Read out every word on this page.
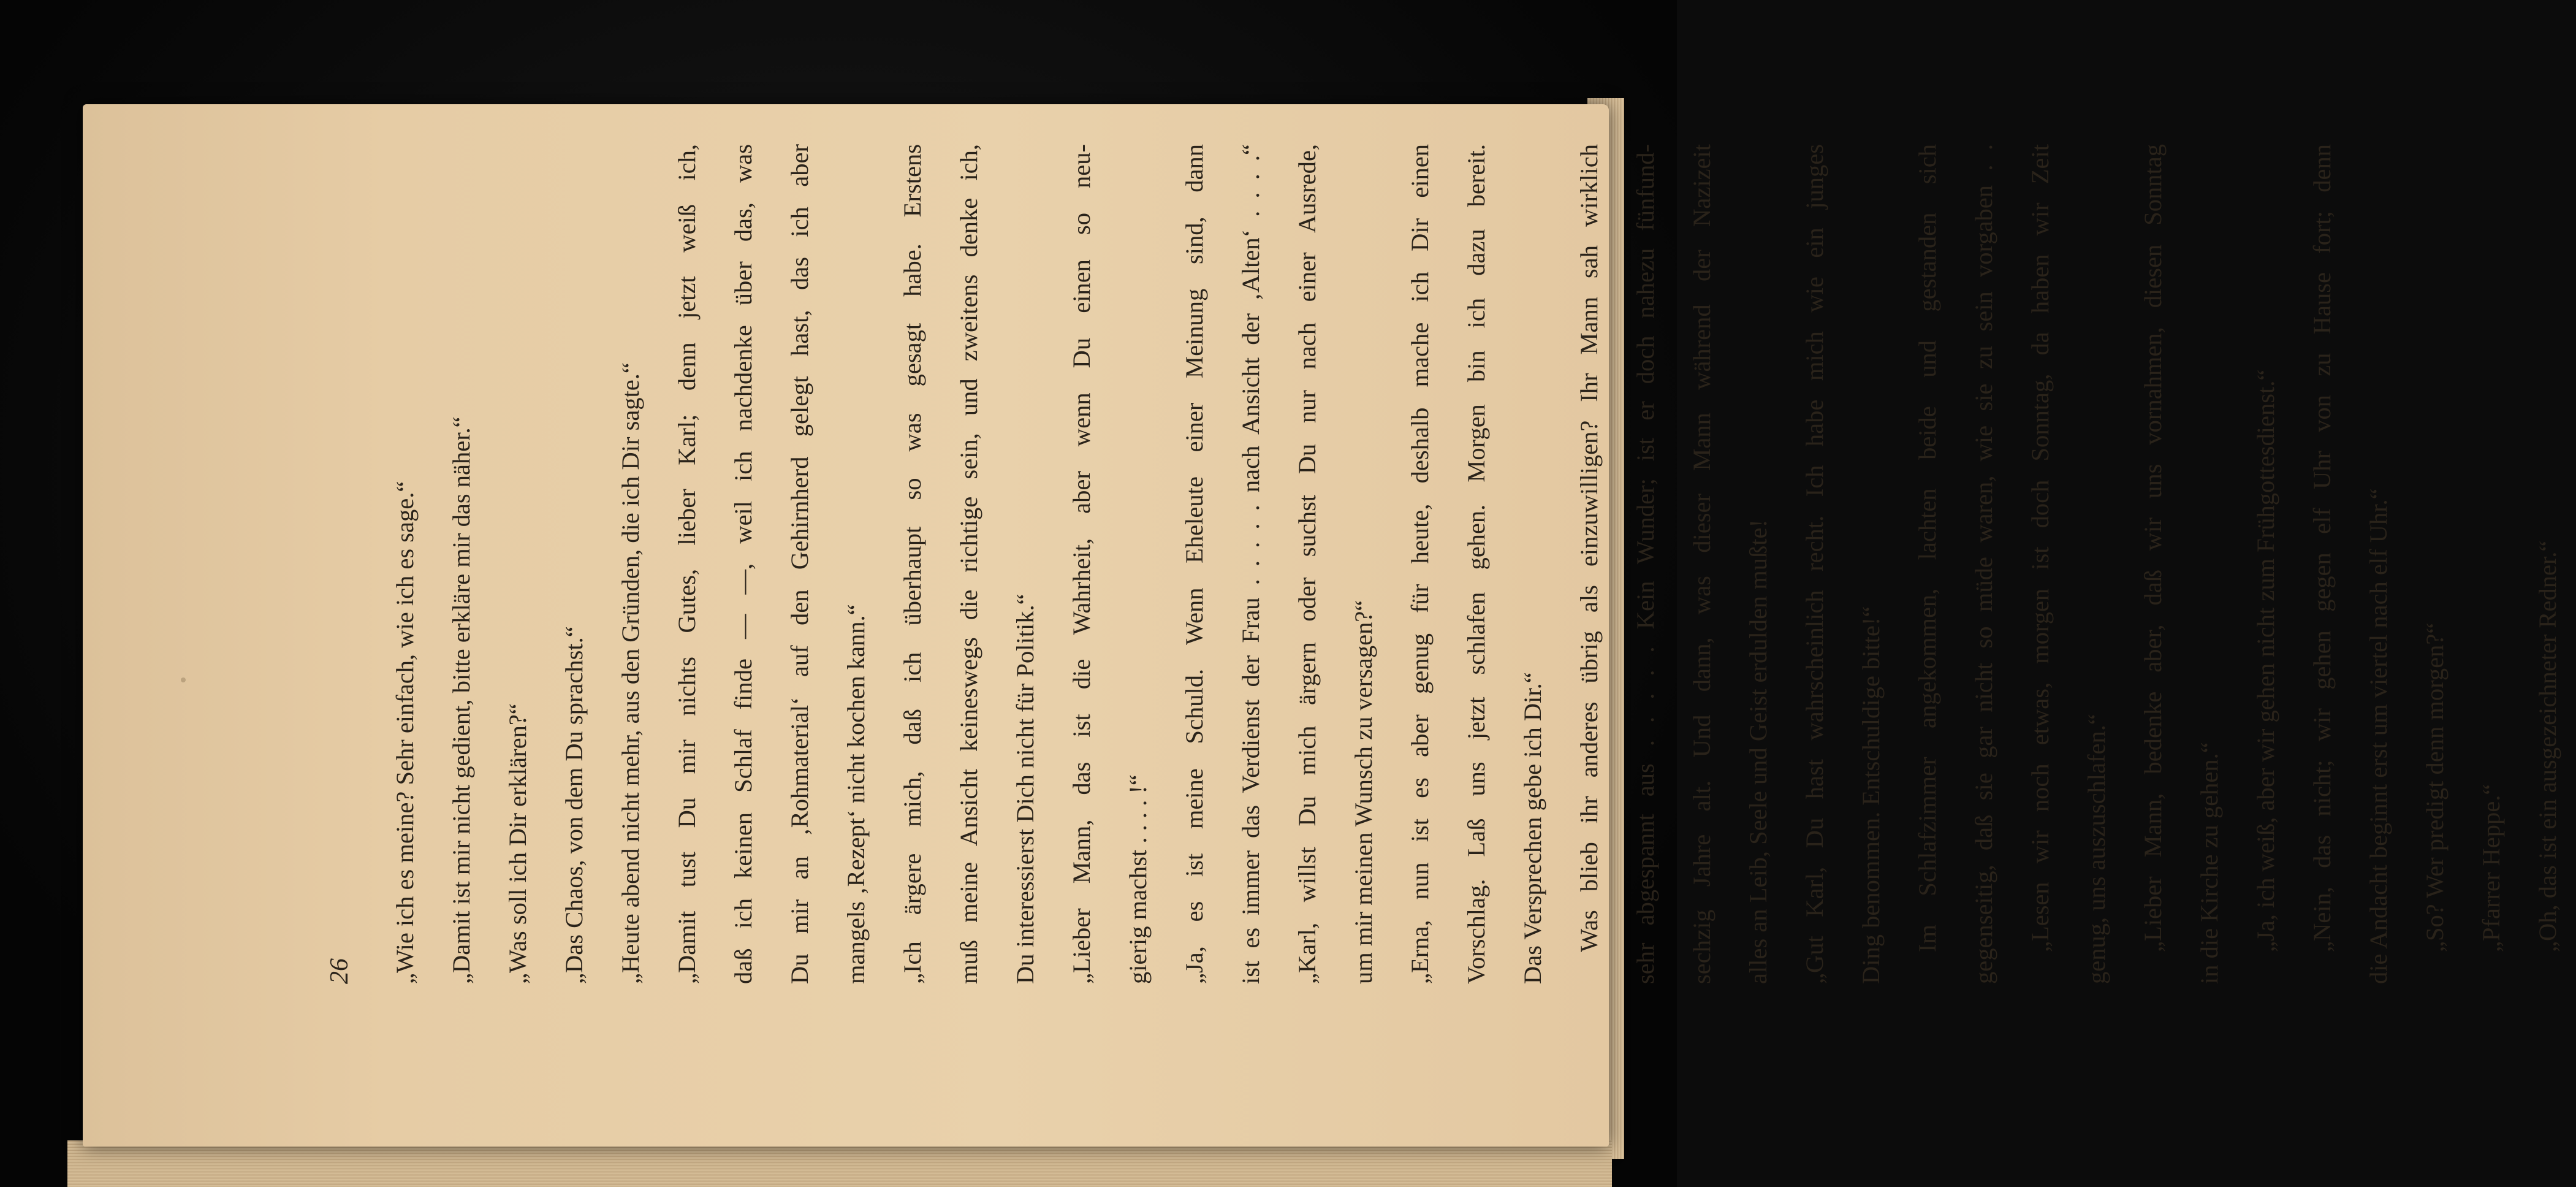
26	„Wie ich es meine? Sehr einfach, wie ich es sage.“	„Damit ist mir nicht gedient, bitte erkläre mir das näher.“	„Was soll ich Dir erklären?“	„Das Chaos, von dem Du sprachst.“	„Heute abend nicht mehr, aus den Gründen, die ich Dir sagte.“	„Damit tust Du mir nichts Gutes, lieber Karl; denn jetzt weiß ich,	daß ich keinen Schlaf finde — —, weil ich nachdenke über das, was	Du mir an ‚Rohmaterial‘ auf den Gehirnherd gelegt hast, das ich aber	mangels ‚Rezept‘ nicht kochen kann.“	„Ich ärgere mich, daß ich überhaupt so was gesagt habe. Erstens	muß meine Ansicht keineswegs die richtige sein, und zweitens denke ich,	Du interessierst Dich nicht für Politik.“	„Lieber Mann, das ist die Wahrheit, aber wenn Du einen so neu-	gierig machst . . . . !“	„Ja, es ist meine Schuld. Wenn Eheleute einer Meinung sind, dann	ist es immer das Verdienst der Frau . . . . . nach Ansicht der ‚Alten‘ . . . .“	„Karl, willst Du mich ärgern oder suchst Du nur nach einer Ausrede,	um mir meinen Wunsch zu versagen?“	„Erna, nun ist es aber genug für heute, deshalb mache ich Dir einen	Vorschlag. Laß uns jetzt schlafen gehen. Morgen bin ich dazu bereit.	Das Versprechen gebe ich Dir.“	Was blieb ihr anderes übrig als einzuwilligen? Ihr Mann sah wirklich	sehr abgespannt aus . . . . . Kein Wunder; ist er doch nahezu fünfund-	sechzig Jahre alt. Und dann, was dieser Mann während der Nazizeit	alles an Leib, Seele und Geist erdulden mußte!	„Gut Karl, Du hast wahrscheinlich recht. Ich habe mich wie ein junges	Ding benommen. Entschuldige bitte!“	Im Schlafzimmer angekommen, lachten beide und gestanden sich	gegenseitig, daß sie gar nicht so müde waren, wie sie zu sein vorgaben . .	„Lesen wir noch etwas, morgen ist doch Sonntag, da haben wir Zeit	genug, uns auszuschlafen.“	„Lieber Mann, bedenke aber, daß wir uns vornahmen, diesen Sonntag	in die Kirche zu gehen.“	„Ja, ich weiß, aber wir gehen nicht zum Frühgottesdienst.“	„Nein, das nicht; wir gehen gegen elf Uhr von zu Hause fort; denn	die Andacht beginnt erst um viertel nach elf Uhr.“	„So? Wer predigt denn morgen?“	„Pfarrer Heppe.“	„Oh, das ist ein ausgezeichneter Redner.“
